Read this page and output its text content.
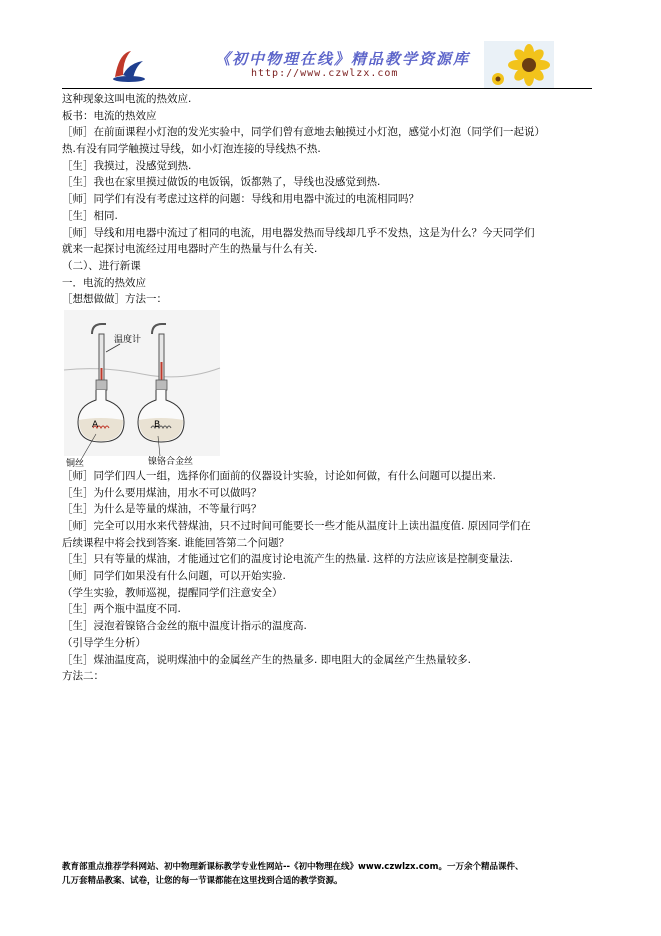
《初中物理在线》精品教学资源库
http://www.czwlzx.com
这种现象这叫电流的热效应.
板书：电流的热效应
［师］在前面课程小灯泡的发光实验中，同学们曾有意地去触摸过小灯泡，感觉小灯泡（同学们一起说）
热.有没有同学触摸过导线，如小灯泡连接的导线热不热.
［生］我摸过，没感觉到热.
［生］我也在家里摸过做饭的电饭锅，饭都熟了，导线也没感觉到热.
［师］同学们有没有考虑过这样的问题：导线和用电器中流过的电流相同吗？
［生］相同.
［师］导线和用电器中流过了相同的电流，用电器发热而导线却几乎不发热，这是为什么？今天同学们
就来一起探讨电流经过用电器时产生的热量与什么有关.
（二）、进行新课
一．电流的热效应
［想想做做］方法一：
温度计
A	B
铜丝	镍铬合金丝
［师］同学们四人一组，选择你们面前的仪器设计实验，讨论如何做，有什么问题可以提出来.
［生］为什么要用煤油，用水不可以做吗？
［生］为什么是等量的煤油，不等量行吗？
［师］完全可以用水来代替煤油，只不过时间可能要长一些才能从温度计上读出温度值. 原因同学们在
后续课程中将会找到答案. 谁能回答第二个问题？
［生］只有等量的煤油，才能通过它们的温度讨论电流产生的热量. 这样的方法应该是控制变量法.
［师］同学们如果没有什么问题，可以开始实验.
（学生实验，教师巡视，提醒同学们注意安全）
［生］两个瓶中温度不同.
［生］浸泡着镍铬合金丝的瓶中温度计指示的温度高.
（引导学生分析）
［生］煤油温度高，说明煤油中的金属丝产生的热量多. 即电阻大的金属丝产生热量较多.
方法二：
教育部重点推荐学科网站、初中物理新课标教学专业性网站--《初中物理在线》www.czwlzx.com。一万余个精品课件、
几万套精品教案、试卷，让您的每一节课都能在这里找到合适的教学资源。
